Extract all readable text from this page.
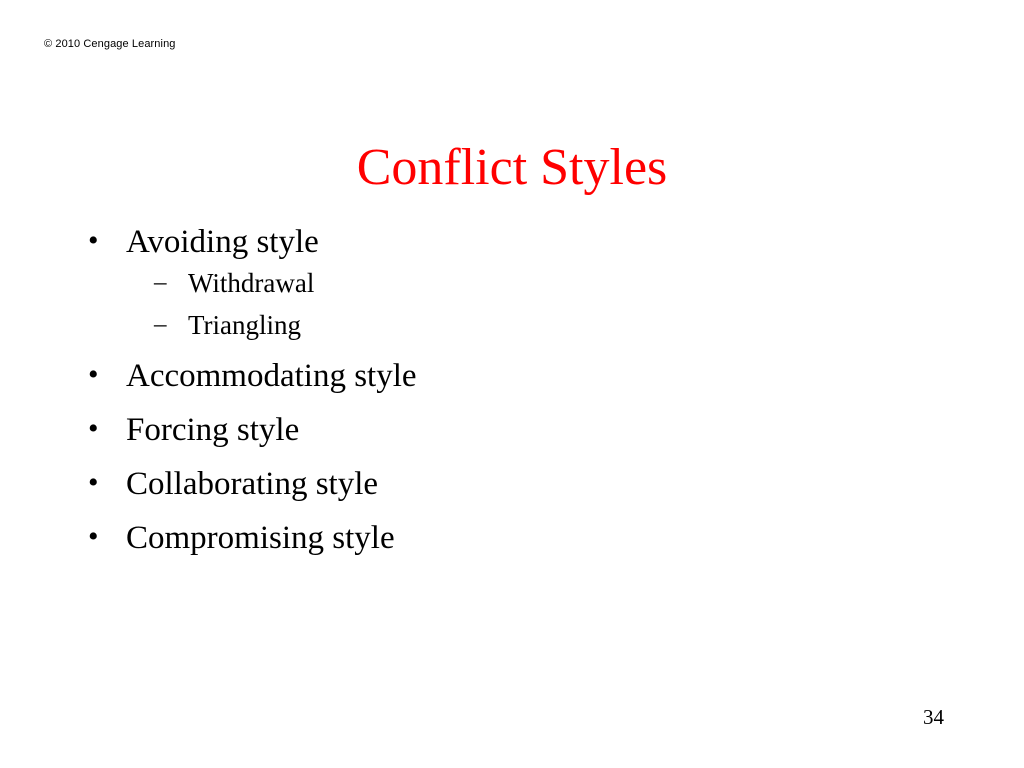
© 2010 Cengage Learning
Conflict Styles
• Avoiding style
– Withdrawal
– Triangling
• Accommodating style
• Forcing style
• Collaborating style
• Compromising style
34
